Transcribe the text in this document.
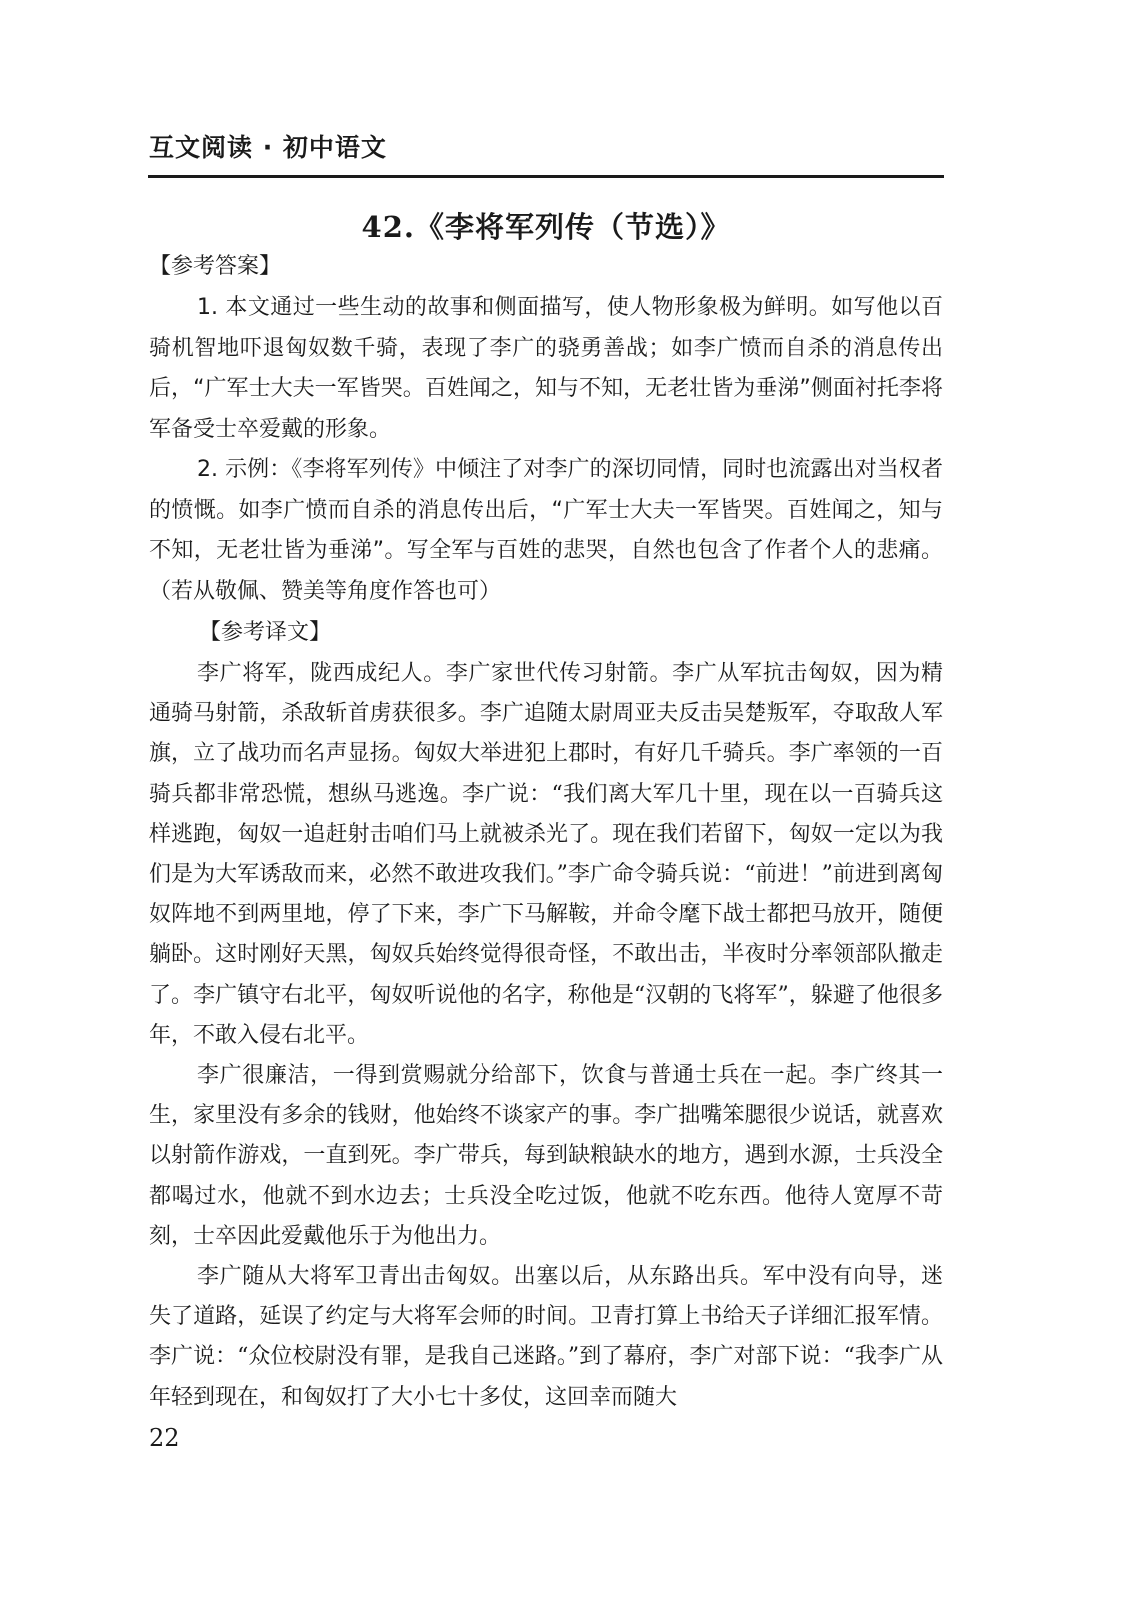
互文阅读 · 初中语文
42.《李将军列传（节选）》
【参考答案】

1. 本文通过一些生动的故事和侧面描写，使人物形象极为鲜明。如写他以百骑机智地吓退匈奴数千骑，表现了李广的骁勇善战；如李广愤而自杀的消息传出后，“广军士大夫一军皆哭。百姓闻之，知与不知，无老壮皆为垂涕”侧面衬托李将军备受士卒爱戴的形象。

2. 示例：《李将军列传》中倾注了对李广的深切同情，同时也流露出对当权者的愤慨。如李广愤而自杀的消息传出后，“广军士大夫一军皆哭。百姓闻之，知与不知，无老壮皆为垂涕”。写全军与百姓的悲哭，自然也包含了作者个人的悲痛。（若从敬佩、赞美等角度作答也可）

【参考译文】

李广将军，陇西成纪人。李广家世代传习射箭。李广从军抗击匈奴，因为精通骑马射箭，杀敌斩首虏获很多。李广追随太尉周亚夫反击吴楚叛军，夺取敌人军旗，立了战功而名声显扬。匈奴大举进犯上郡时，有好几千骑兵。李广率领的一百骑兵都非常恐慌，想纵马逃逸。李广说：“我们离大军几十里，现在以一百骑兵这样逃跑，匈奴一追赶射击咱们马上就被杀光了。现在我们若留下，匈奴一定以为我们是为大军诱敌而来，必然不敢进攻我们。”李广命令骑兵说：“前进！”前进到离匈奴阵地不到两里地，停了下来，李广下马解鞍，并命令麾下战士都把马放开，随便躺卧。这时刚好天黑，匈奴兵始终觉得很奇怪，不敢出击，半夜时分率领部队撤走了。李广镇守右北平，匈奴听说他的名字，称他是“汉朝的飞将军”，躲避了他很多年，不敢入侵右北平。

李广很廉洁，一得到赏赐就分给部下，饮食与普通士兵在一起。李广终其一生，家里没有多余的钱财，他始终不谈家产的事。李广拙嘴笨腮很少说话，就喜欢以射箭作游戏，一直到死。李广带兵，每到缺粮缺水的地方，遇到水源，士兵没全都喝过水，他就不到水边去；士兵没全吃过饭，他就不吃东西。他待人宽厚不苛刻，士卒因此爱戴他乐于为他出力。

李广随从大将军卫青出击匈奴。出塞以后，从东路出兵。军中没有向导，迷失了道路，延误了约定与大将军会师的时间。卫青打算上书给天子详细汇报军情。李广说：“众位校尉没有罪，是我自己迷路。”到了幕府，李广对部下说：“我李广从年轻到现在，和匈奴打了大小七十多仗，这回幸而随大

22
